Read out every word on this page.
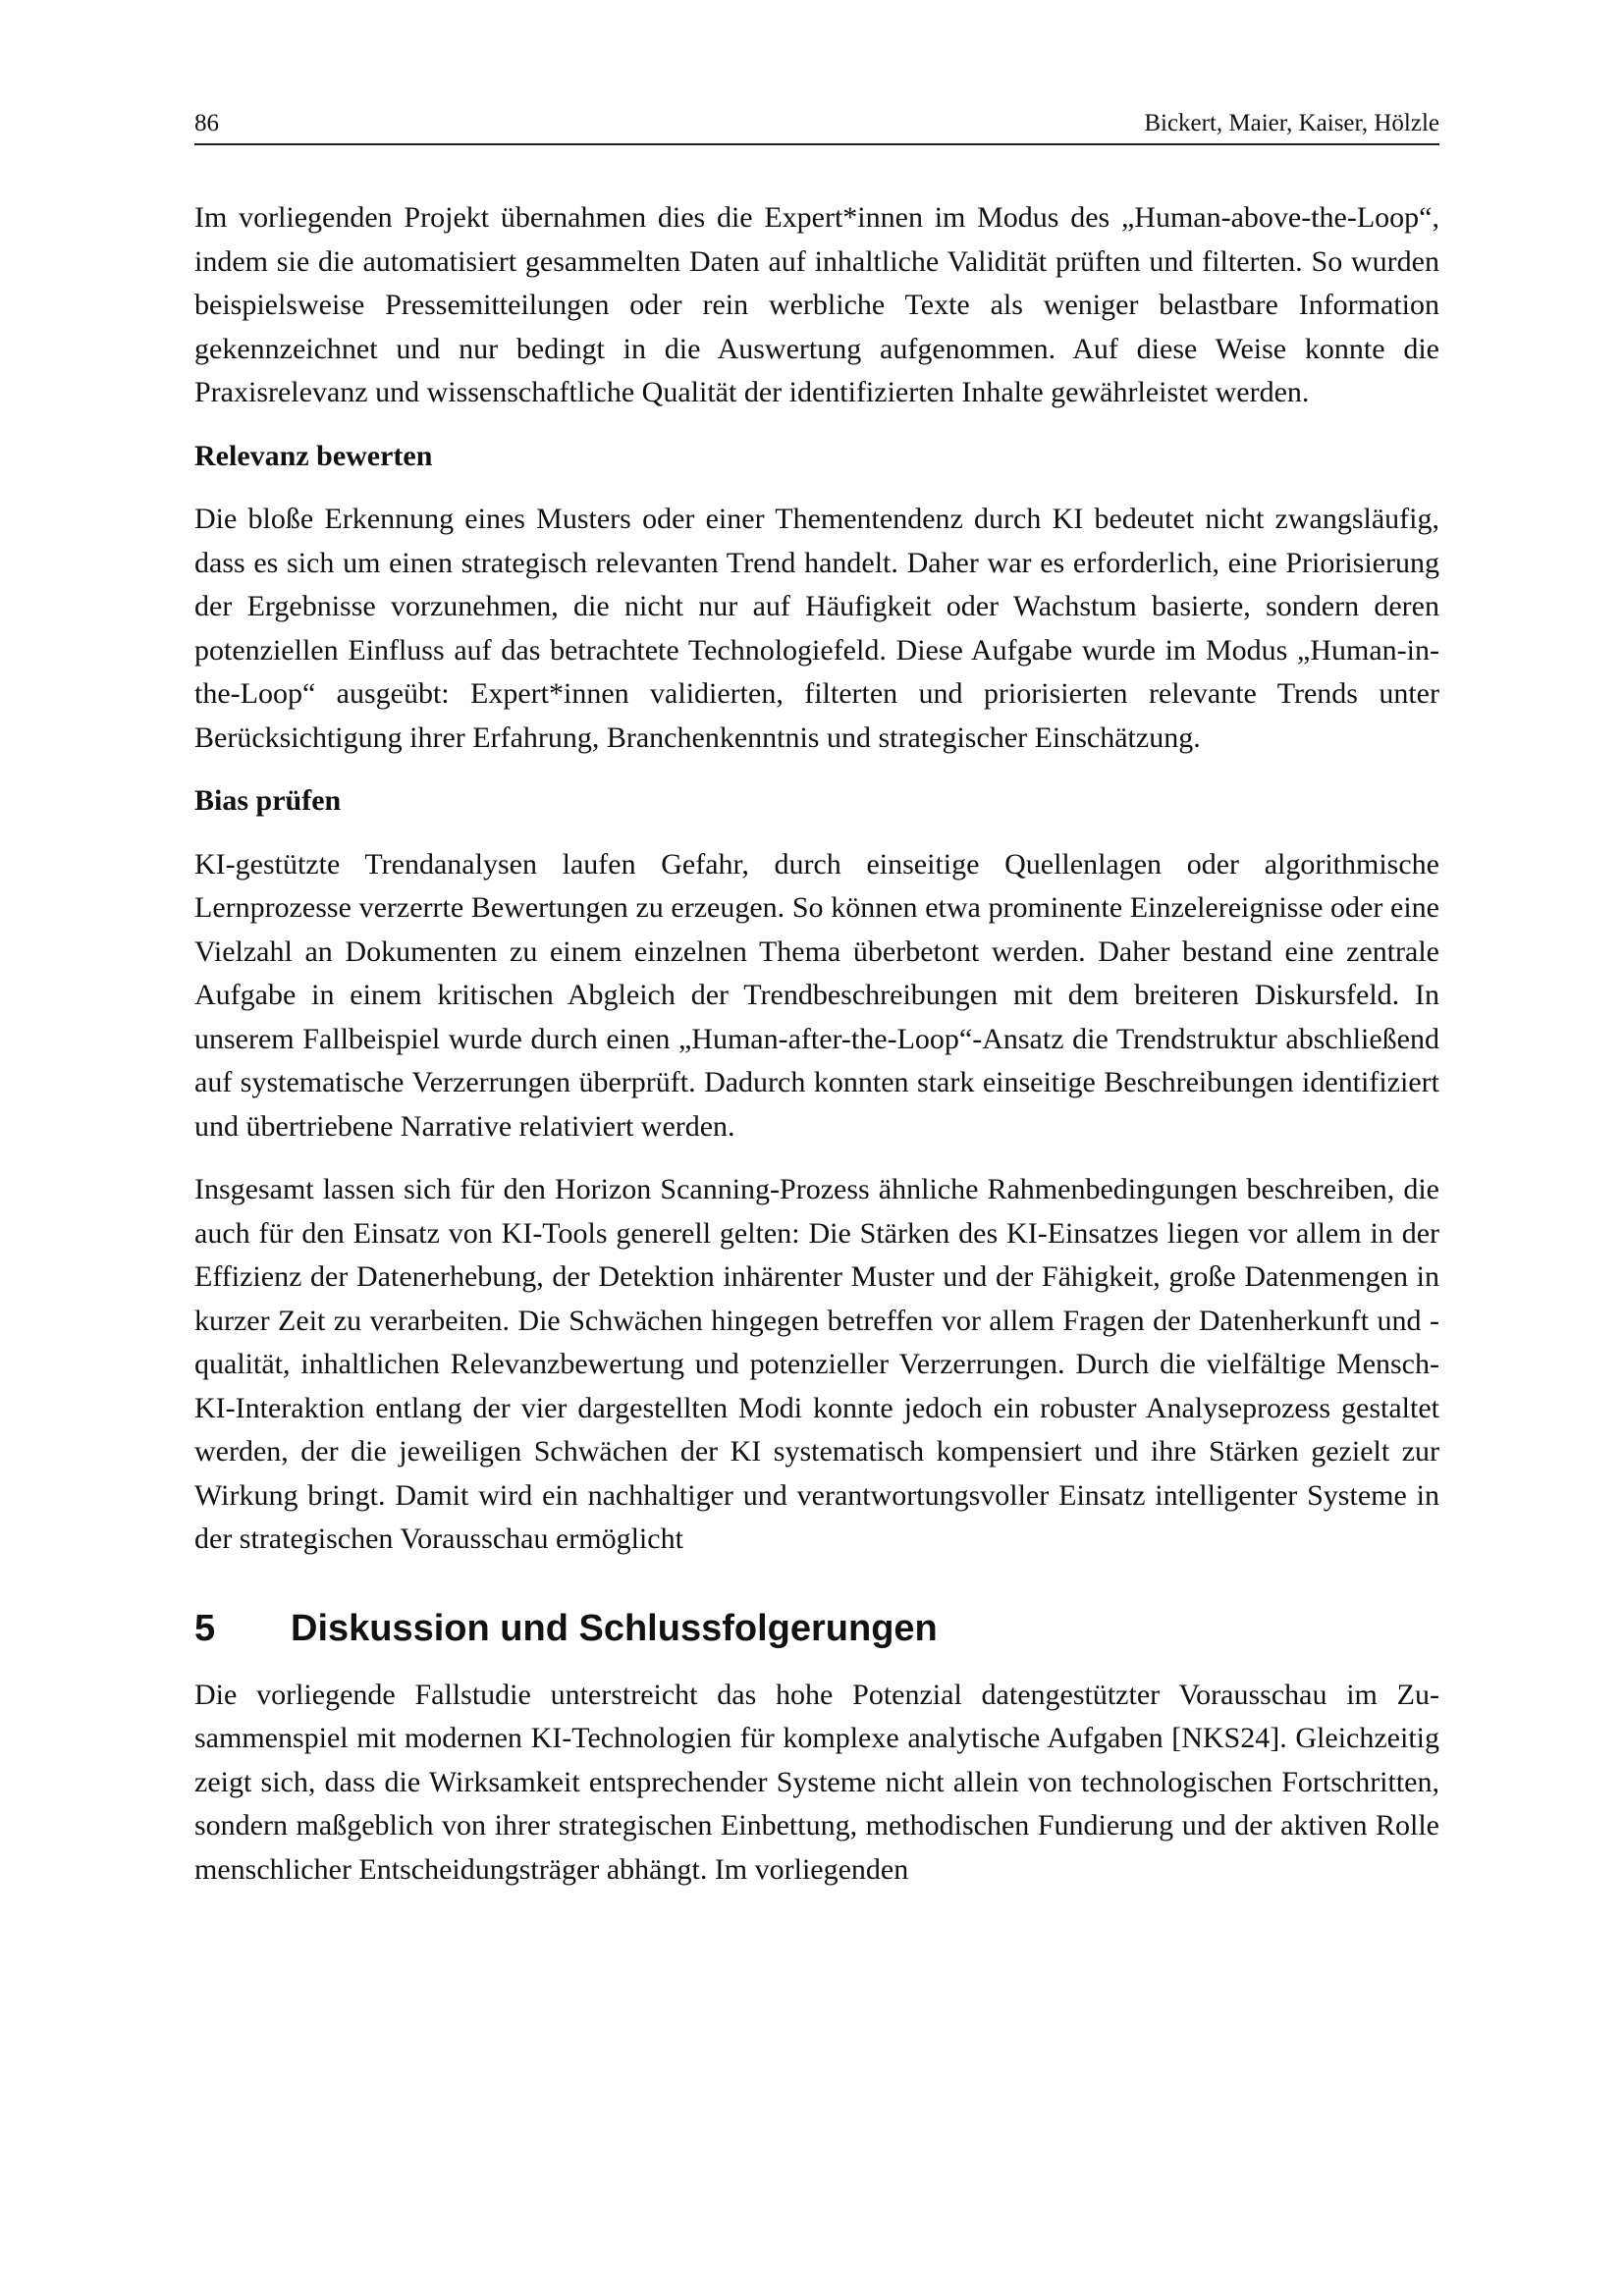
86	Bickert, Maier, Kaiser, Hölzle

Im vorliegenden Projekt übernahmen dies die Expert*innen im Modus des „Human-above-the-Loop“, indem sie die automatisiert gesammelten Daten auf inhaltliche Validität prüften und filterten. So wurden beispielsweise Pressemitteilungen oder rein werbliche Texte als weniger belastbare Information gekennzeichnet und nur bedingt in die Auswertung aufgenommen. Auf diese Weise konnte die Praxisrelevanz und wissenschaftliche Qualität der identifizierten Inhalte gewährleistet werden.

Relevanz bewerten

Die bloße Erkennung eines Musters oder einer Thementendenz durch KI bedeutet nicht zwangsläufig, dass es sich um einen strategisch relevanten Trend handelt. Daher war es erforderlich, eine Priorisierung der Ergebnisse vorzunehmen, die nicht nur auf Häufigkeit oder Wachstum basierte, sondern deren potenziellen Einfluss auf das betrachtete Technologiefeld. Diese Aufgabe wurde im Modus „Human-in-the-Loop“ ausgeübt: Expert*innen validierten, filterten und priorisierten relevante Trends unter Berücksichtigung ihrer Erfahrung, Branchenkenntnis und strategischer Einschätzung.

Bias prüfen

KI-gestützte Trendanalysen laufen Gefahr, durch einseitige Quellenlagen oder algorithmische Lernprozesse verzerrte Bewertungen zu erzeugen. So können etwa prominente Einzelereignisse oder eine Vielzahl an Dokumenten zu einem einzelnen Thema überbetont werden. Daher bestand eine zentrale Aufgabe in einem kritischen Abgleich der Trendbeschreibungen mit dem breiteren Diskursfeld. In unserem Fallbeispiel wurde durch einen „Human-after-the-Loop“-Ansatz die Trendstruktur abschließend auf systematische Verzerrungen überprüft. Dadurch konnten stark einseitige Beschreibungen identifiziert und übertriebene Narrative relativiert werden.

Insgesamt lassen sich für den Horizon Scanning-Prozess ähnliche Rahmenbedingungen beschreiben, die auch für den Einsatz von KI-Tools generell gelten: Die Stärken des KI-Einsatzes liegen vor allem in der Effizienz der Datenerhebung, der Detektion inhärenter Muster und der Fähigkeit, große Datenmengen in kurzer Zeit zu verarbeiten. Die Schwächen hingegen betreffen vor allem Fragen der Datenherkunft und -qualität, inhaltlichen Relevanzbewertung und potenzieller Verzerrungen. Durch die vielfältige Mensch-KI-Interaktion entlang der vier dargestellten Modi konnte jedoch ein robuster Analyseprozess gestaltet werden, der die jeweiligen Schwächen der KI systematisch kompensiert und ihre Stärken gezielt zur Wirkung bringt. Damit wird ein nachhaltiger und verantwortungsvoller Einsatz intelligenter Systeme in der strategischen Vorausschau ermöglicht

5	Diskussion und Schlussfolgerungen

Die vorliegende Fallstudie unterstreicht das hohe Potenzial datengestützter Vorausschau im Zusammenspiel mit modernen KI-Technologien für komplexe analytische Aufgaben [NKS24]. Gleichzeitig zeigt sich, dass die Wirksamkeit entsprechender Systeme nicht allein von technologischen Fortschritten, sondern maßgeblich von ihrer strategischen Einbettung, methodischen Fundierung und der aktiven Rolle menschlicher Entscheidungsträger abhängt. Im vorliegenden
